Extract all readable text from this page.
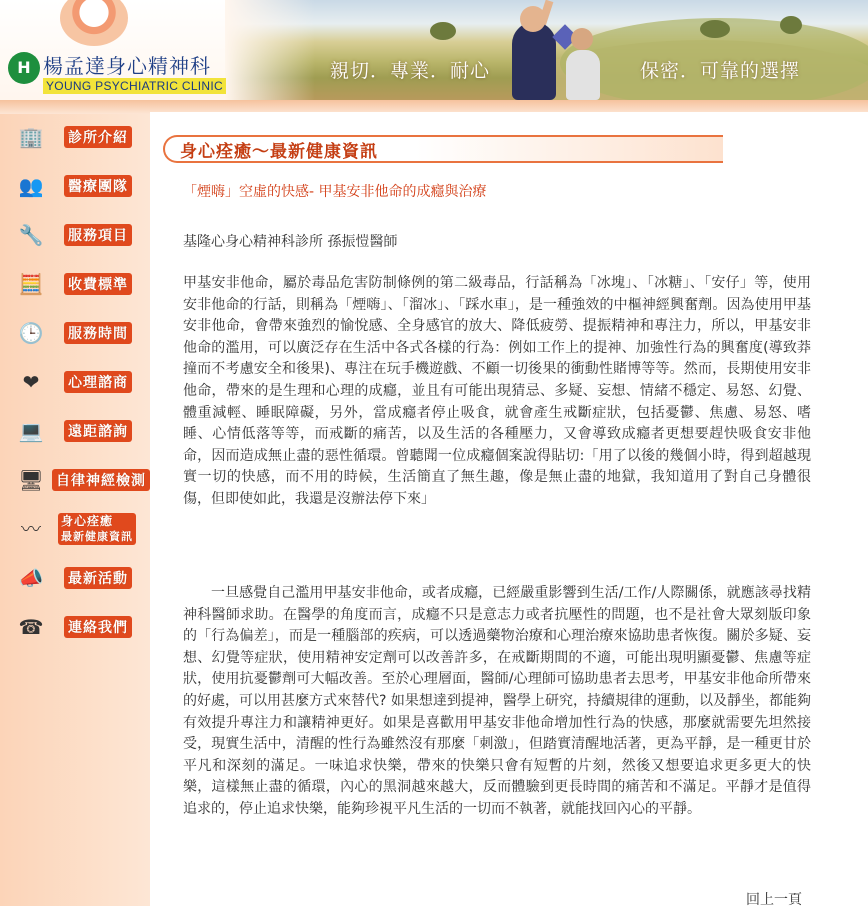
親切．專業．耐心	保密．可靠的選擇
H 楊孟達身心精神科
YOUNG PSYCHIATRIC CLINIC
🏢 診所介紹
👥 醫療團隊
🔧 服務項目
🧮 收費標準
🕒 服務時間
❤	心理諮商
💻 遠距諮詢
🖥 自律神經檢測
〰 身心痊癒
最新健康資訊
📣 最新活動
☎ 連絡我們
身心痊癒～最新健康資訊
「煙嗨」空虛的快感- 甲基安非他命的成癮與治療
基隆心身心精神科診所 孫振愷醫師

甲基安非他命，屬於毒品危害防制條例的第二級毒品，行話稱為「冰塊」、「冰糖」、「安仔」等，使用安非他命的行話，則稱為「煙嗨」、「溜冰」、「踩水車」，是一種強效的中樞神經興奮劑。因為使用甲基安非他命，會帶來強烈的愉悅感、全身感官的放大、降低疲勞、提振精神和專注力，所以，甲基安非他命的濫用，可以廣泛存在生活中各式各樣的行為：例如工作上的提神、加強性行為的興奮度(導致莽撞而不考慮安全和後果)、專注在玩手機遊戲、不顧一切後果的衝動性賭博等等。然而，長期使用安非他命，帶來的是生理和心理的成癮，並且有可能出現猜忌、多疑、妄想、情緒不穩定、易怒、幻覺、體重減輕、睡眠障礙，另外，當成癮者停止吸食，就會產生戒斷症狀，包括憂鬱、焦慮、易怒、嗜睡、心情低落等等，而戒斷的痛苦，以及生活的各種壓力，又會導致成癮者更想要趕快吸食安非他命，因而造成無止盡的惡性循環。曾聽聞一位成癮個案說得貼切:「用了以後的幾個小時，得到超越現實一切的快感，而不用的時候，生活簡直了無生趣，像是無止盡的地獄，我知道用了對自己身體很傷，但即使如此，我還是沒辦法停下來」

一旦感覺自己濫用甲基安非他命，或者成癮，已經嚴重影響到生活/工作/人際關係，就應該尋找精神科醫師求助。在醫學的角度而言，成癮不只是意志力或者抗壓性的問題，也不是社會大眾刻版印象的「行為偏差」，而是一種腦部的疾病，可以透過藥物治療和心理治療來協助患者恢復。關於多疑、妄想、幻覺等症狀，使用精神安定劑可以改善許多，在戒斷期間的不適，可能出現明顯憂鬱、焦慮等症狀，使用抗憂鬱劑可大幅改善。至於心理層面，醫師/心理師可協助患者去思考，甲基安非他命所帶來的好處，可以用甚麼方式來替代? 如果想達到提神，醫學上研究，持續規律的運動，以及靜坐，都能夠有效提升專注力和讓精神更好。如果是喜歡用甲基安非他命增加性行為的快感，那麼就需要先坦然接受，現實生活中，清醒的性行為雖然沒有那麼「刺激」，但踏實清醒地活著，更為平靜，是一種更甘於平凡和深刻的滿足。一味追求快樂，帶來的快樂只會有短暫的片刻，然後又想要追求更多更大的快樂，這樣無止盡的循環，內心的黑洞越來越大，反而體驗到更長時間的痛苦和不滿足。平靜才是值得追求的，停止追求快樂，能夠珍視平凡生活的一切而不執著，就能找回內心的平靜。

回上一頁
